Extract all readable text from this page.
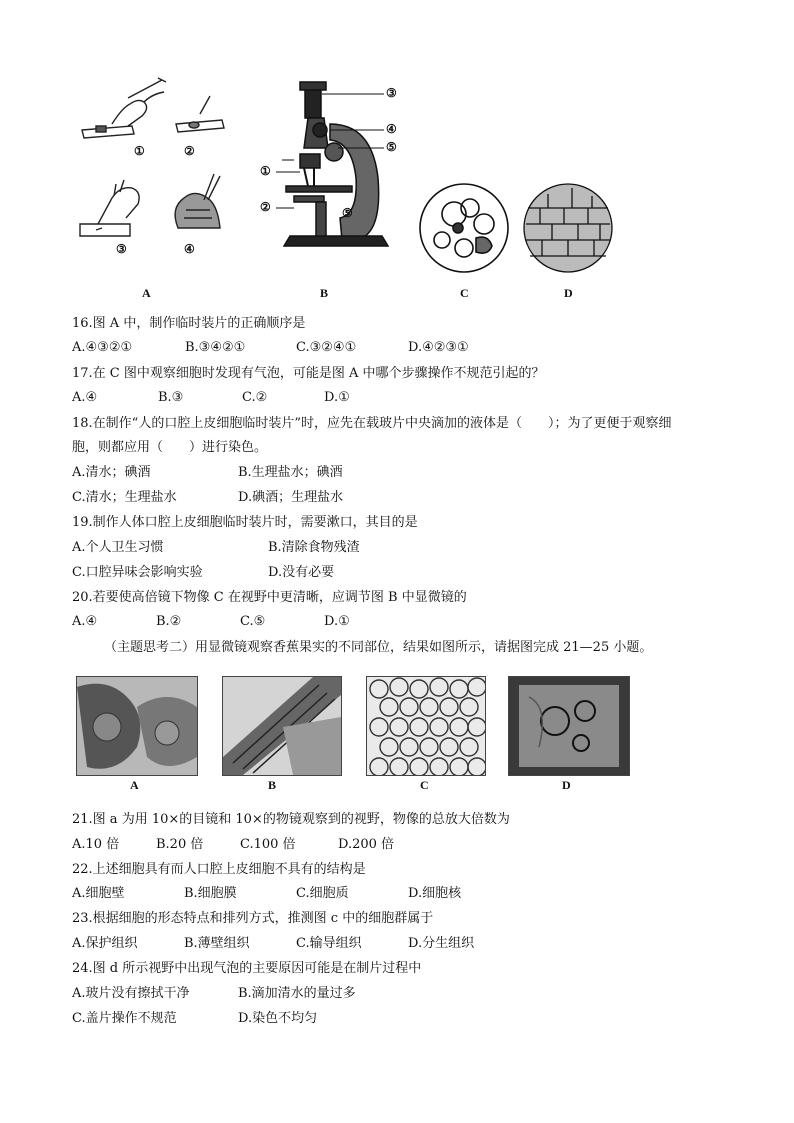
①	②
③	④
③
④
⑤
①
②	⑤
A	B	C	D
16.图 A 中，制作临时装片的正确顺序是
A.④③②①	B.③④②①	C.③②④①	D.④②③①
17.在 C 图中观察细胞时发现有气泡，可能是图 A 中哪个步骤操作不规范引起的？
A.④	B.③	C.②	D.①
18.在制作“人的口腔上皮细胞临时装片”时，应先在载玻片中央滴加的液体是（　　）；为了更便于观察细
胞，则都应用（　　）进行染色。
A.清水；碘酒	B.生理盐水；碘酒
C.清水；生理盐水	D.碘酒；生理盐水
19.制作人体口腔上皮细胞临时装片时，需要漱口，其目的是
A.个人卫生习惯	B.清除食物残渣
C.口腔异味会影响实验	D.没有必要
20.若要使高倍镜下物像 C 在视野中更清晰，应调节图 B 中显微镜的
A.④	B.②	C.⑤	D.①
（主题思考二）用显微镜观察香蕉果实的不同部位，结果如图所示，请据图完成 21—25 小题。
A	B	C	D
21.图 a 为用 10×的目镜和 10×的物镜观察到的视野，物像的总放大倍数为
A.10 倍	B.20 倍	C.100 倍	D.200 倍
22.上述细胞具有而人口腔上皮细胞不具有的结构是
A.细胞壁	B.细胞膜	C.细胞质	D.细胞核
23.根据细胞的形态特点和排列方式，推测图 c 中的细胞群属于
A.保护组织	B.薄壁组织	C.输导组织	D.分生组织
24.图 d 所示视野中出现气泡的主要原因可能是在制片过程中
A.玻片没有擦拭干净	B.滴加清水的量过多
C.盖片操作不规范	D.染色不均匀
